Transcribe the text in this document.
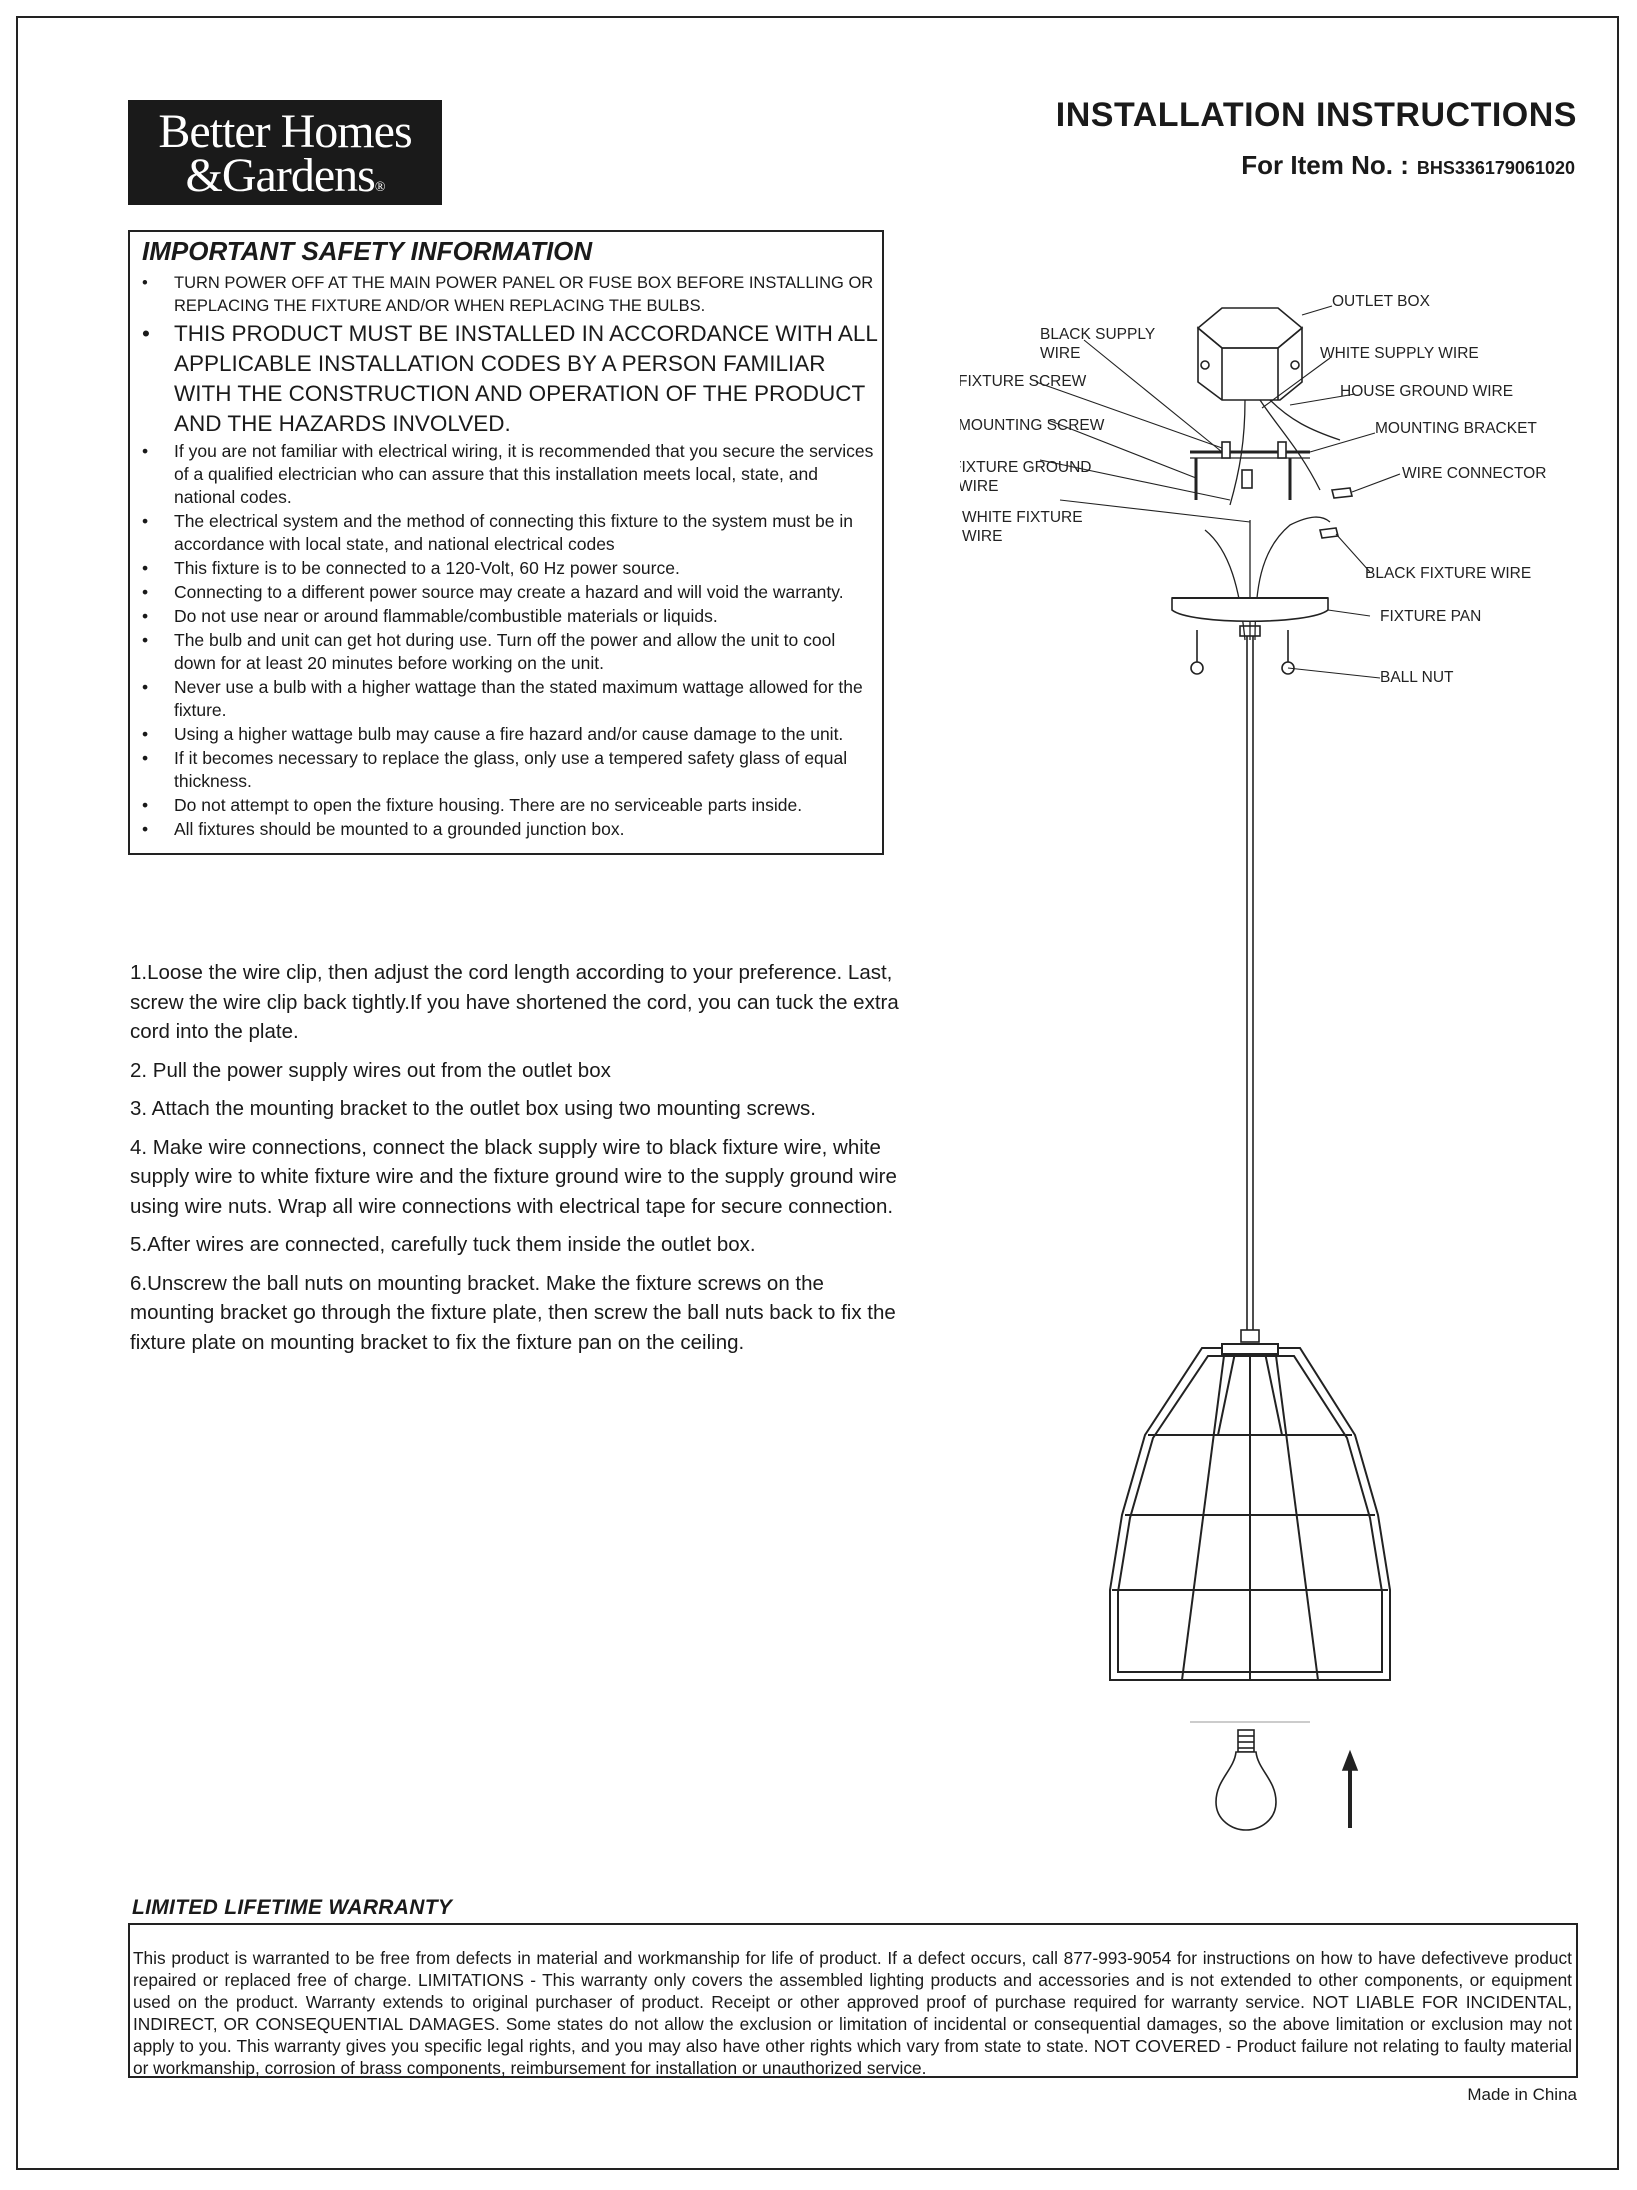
Better Homes
&Gardens®
INSTALLATION INSTRUCTIONS
For Item No. : BHS336179061020
IMPORTANT SAFETY INFORMATION
• TURN POWER OFF AT THE MAIN POWER PANEL OR FUSE BOX BEFORE INSTALLING OR REPLACING THE FIXTURE AND/OR WHEN REPLACING THE BULBS.
• THIS PRODUCT MUST BE INSTALLED IN ACCORDANCE WITH ALL APPLICABLE INSTALLATION CODES BY A PERSON FAMILIAR WITH THE CONSTRUCTION AND OPERATION OF THE PRODUCT AND THE HAZARDS INVOLVED.
• If you are not familiar with electrical wiring, it is recommended that you secure the services of a qualified electrician who can assure that this installation meets local, state, and national codes.
• The electrical system and the method of connecting this fixture to the system must be in accordance with local state, and national electrical codes
• This fixture is to be connected to a 120-Volt, 60 Hz power source.
• Connecting to a different power source may create a hazard and will void the warranty.
• Do not use near or around flammable/combustible materials or liquids.
• The bulb and unit can get hot during use. Turn off the power and allow the unit to cool down for at least 20 minutes before working on the unit.
• Never use a bulb with a higher wattage than the stated maximum wattage allowed for the fixture.
• Using a higher wattage bulb may cause a fire hazard and/or cause damage to the unit.
• If it becomes necessary to replace the glass, only use a tempered safety glass of equal thickness.
• Do not attempt to open the fixture housing. There are no serviceable parts inside.
• All fixtures should be mounted to a grounded junction box.

1.Loose the wire clip, then adjust the cord length according to your preference. Last, screw the wire clip back tightly.If you have shortened the cord, you can tuck the extra cord into the plate.

2. Pull the power supply wires out from the outlet box

3. Attach the mounting bracket to the outlet box using two mounting screws.

4. Make wire connections, connect the black supply wire to black fixture wire, white supply wire to white fixture wire and the fixture ground wire to the supply ground wire using wire nuts. Wrap all wire connections with electrical tape for secure connection.

5.After wires are connected, carefully tuck them inside the outlet box.

6.Unscrew the ball nuts on mounting bracket. Make the fixture screws on the mounting bracket go through the fixture plate, then screw the ball nuts back to fix the fixture plate on mounting bracket to fix the fixture pan on the ceiling.

OUTLET BOX
BLACK SUPPLY
WIRE	WHITE SUPPLY WIRE
FIXTURE SCREW
HOUSE GROUND WIRE
MOUNTING SCREW	MOUNTING BRACKET
FIXTURE GROUND
WIRE
WIRE CONNECTOR
WHITE FIXTURE
WIRE
BLACK FIXTURE WIRE
FIXTURE PAN
BALL NUT
LIMITED LIFETIME WARRANTY

This product is warranted to be free from defects in material and workmanship for life of product. If a defect occurs, call 877-993-9054 for instructions on how to have defectiveve product repaired or replaced free of charge. LIMITATIONS - This warranty only covers the assembled lighting products and accessories and is not extended to other components, or equipment used on the product. Warranty extends to original purchaser of product. Receipt or other approved proof of purchase required for warranty service. NOT LIABLE FOR INCIDENTAL, INDIRECT, OR CONSEQUENTIAL DAMAGES. Some states do not allow the exclusion or limitation of incidental or consequential damages, so the above limitation or exclusion may not apply to you. This warranty gives you specific legal rights, and you may also have other rights which vary from state to state. NOT COVERED - Product failure not relating to faulty material or workmanship, corrosion of brass components, reimbursement for installation or unauthorized service.

Made in China
